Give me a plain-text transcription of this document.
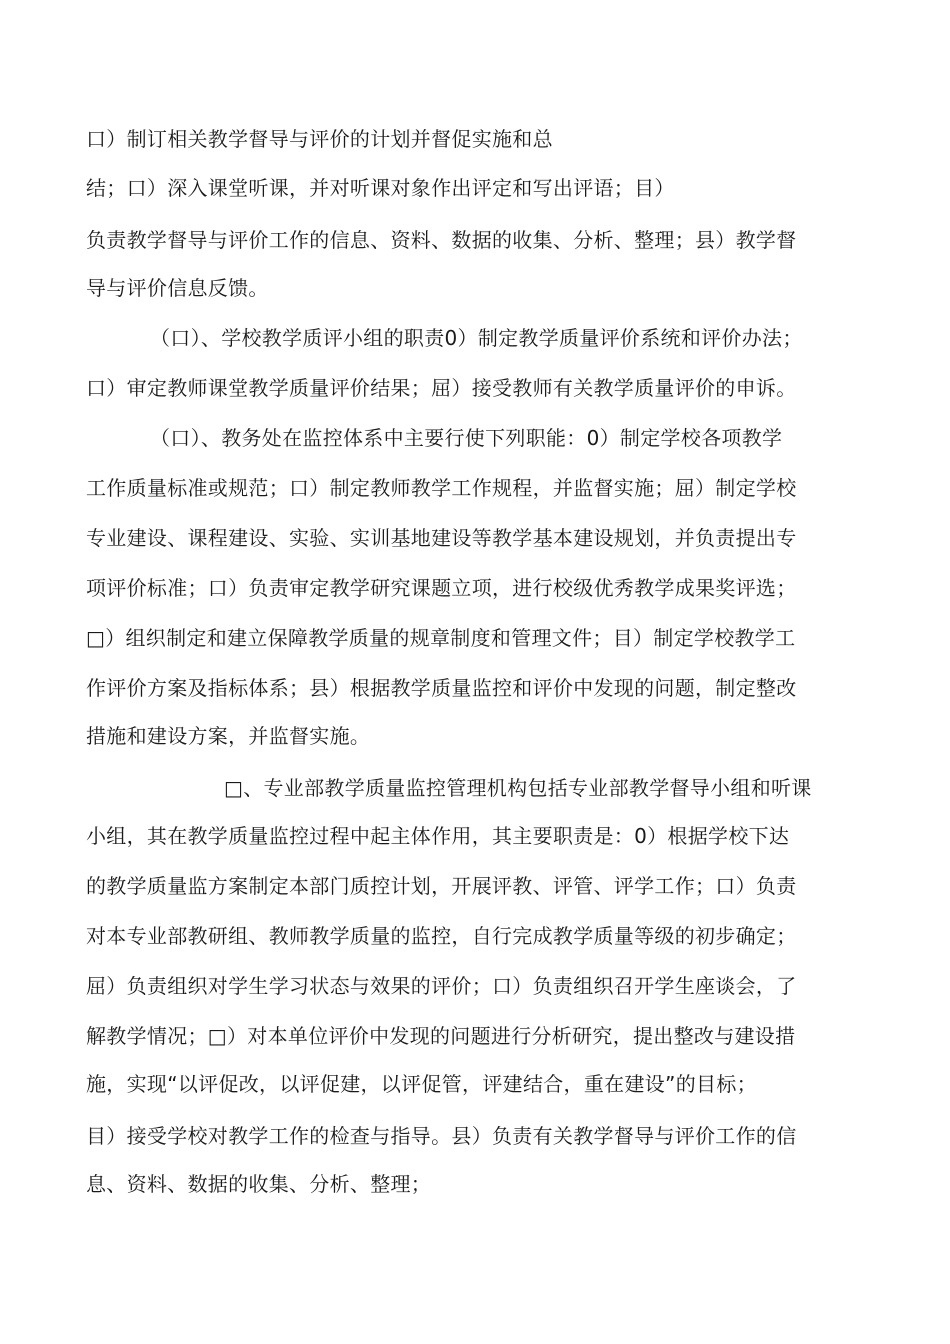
口）制订相关教学督导与评价的计划并督促实施和总
结；口）深入课堂听课，并对听课对象作出评定和写出评语；目）
负责教学督导与评价工作的信息、资料、数据的收集、分析、整理；县）教学督
导与评价信息反馈。
（口）、学校教学质评小组的职责0）制定教学质量评价系统和评价办法；
口）审定教师课堂教学质量评价结果；屈）接受教师有关教学质量评价的申诉。
（口）、教务处在监控体系中主要行使下列职能：0）制定学校各项教学
工作质量标准或规范；口）制定教师教学工作规程，并监督实施；屈）制定学校
专业建设、课程建设、实验、实训基地建设等教学基本建设规划，并负责提出专
项评价标准；口）负责审定教学研究课题立项，进行校级优秀教学成果奖评选；
□）组织制定和建立保障教学质量的规章制度和管理文件；目）制定学校教学工
作评价方案及指标体系；县）根据教学质量监控和评价中发现的问题，制定整改
措施和建设方案，并监督实施。
□、专业部教学质量监控管理机构包括专业部教学督导小组和听课
小组，其在教学质量监控过程中起主体作用，其主要职责是：0）根据学校下达
的教学质量监方案制定本部门质控计划，开展评教、评管、评学工作；口）负责
对本专业部教研组、教师教学质量的监控，自行完成教学质量等级的初步确定；
屈）负责组织对学生学习状态与效果的评价；口）负责组织召开学生座谈会，了
解教学情况；□）对本单位评价中发现的问题进行分析研究，提出整改与建设措
施，实现“以评促改，以评促建，以评促管，评建结合，重在建设”的目标；
目）接受学校对教学工作的检查与指导。县）负责有关教学督导与评价工作的信
息、资料、数据的收集、分析、整理；
